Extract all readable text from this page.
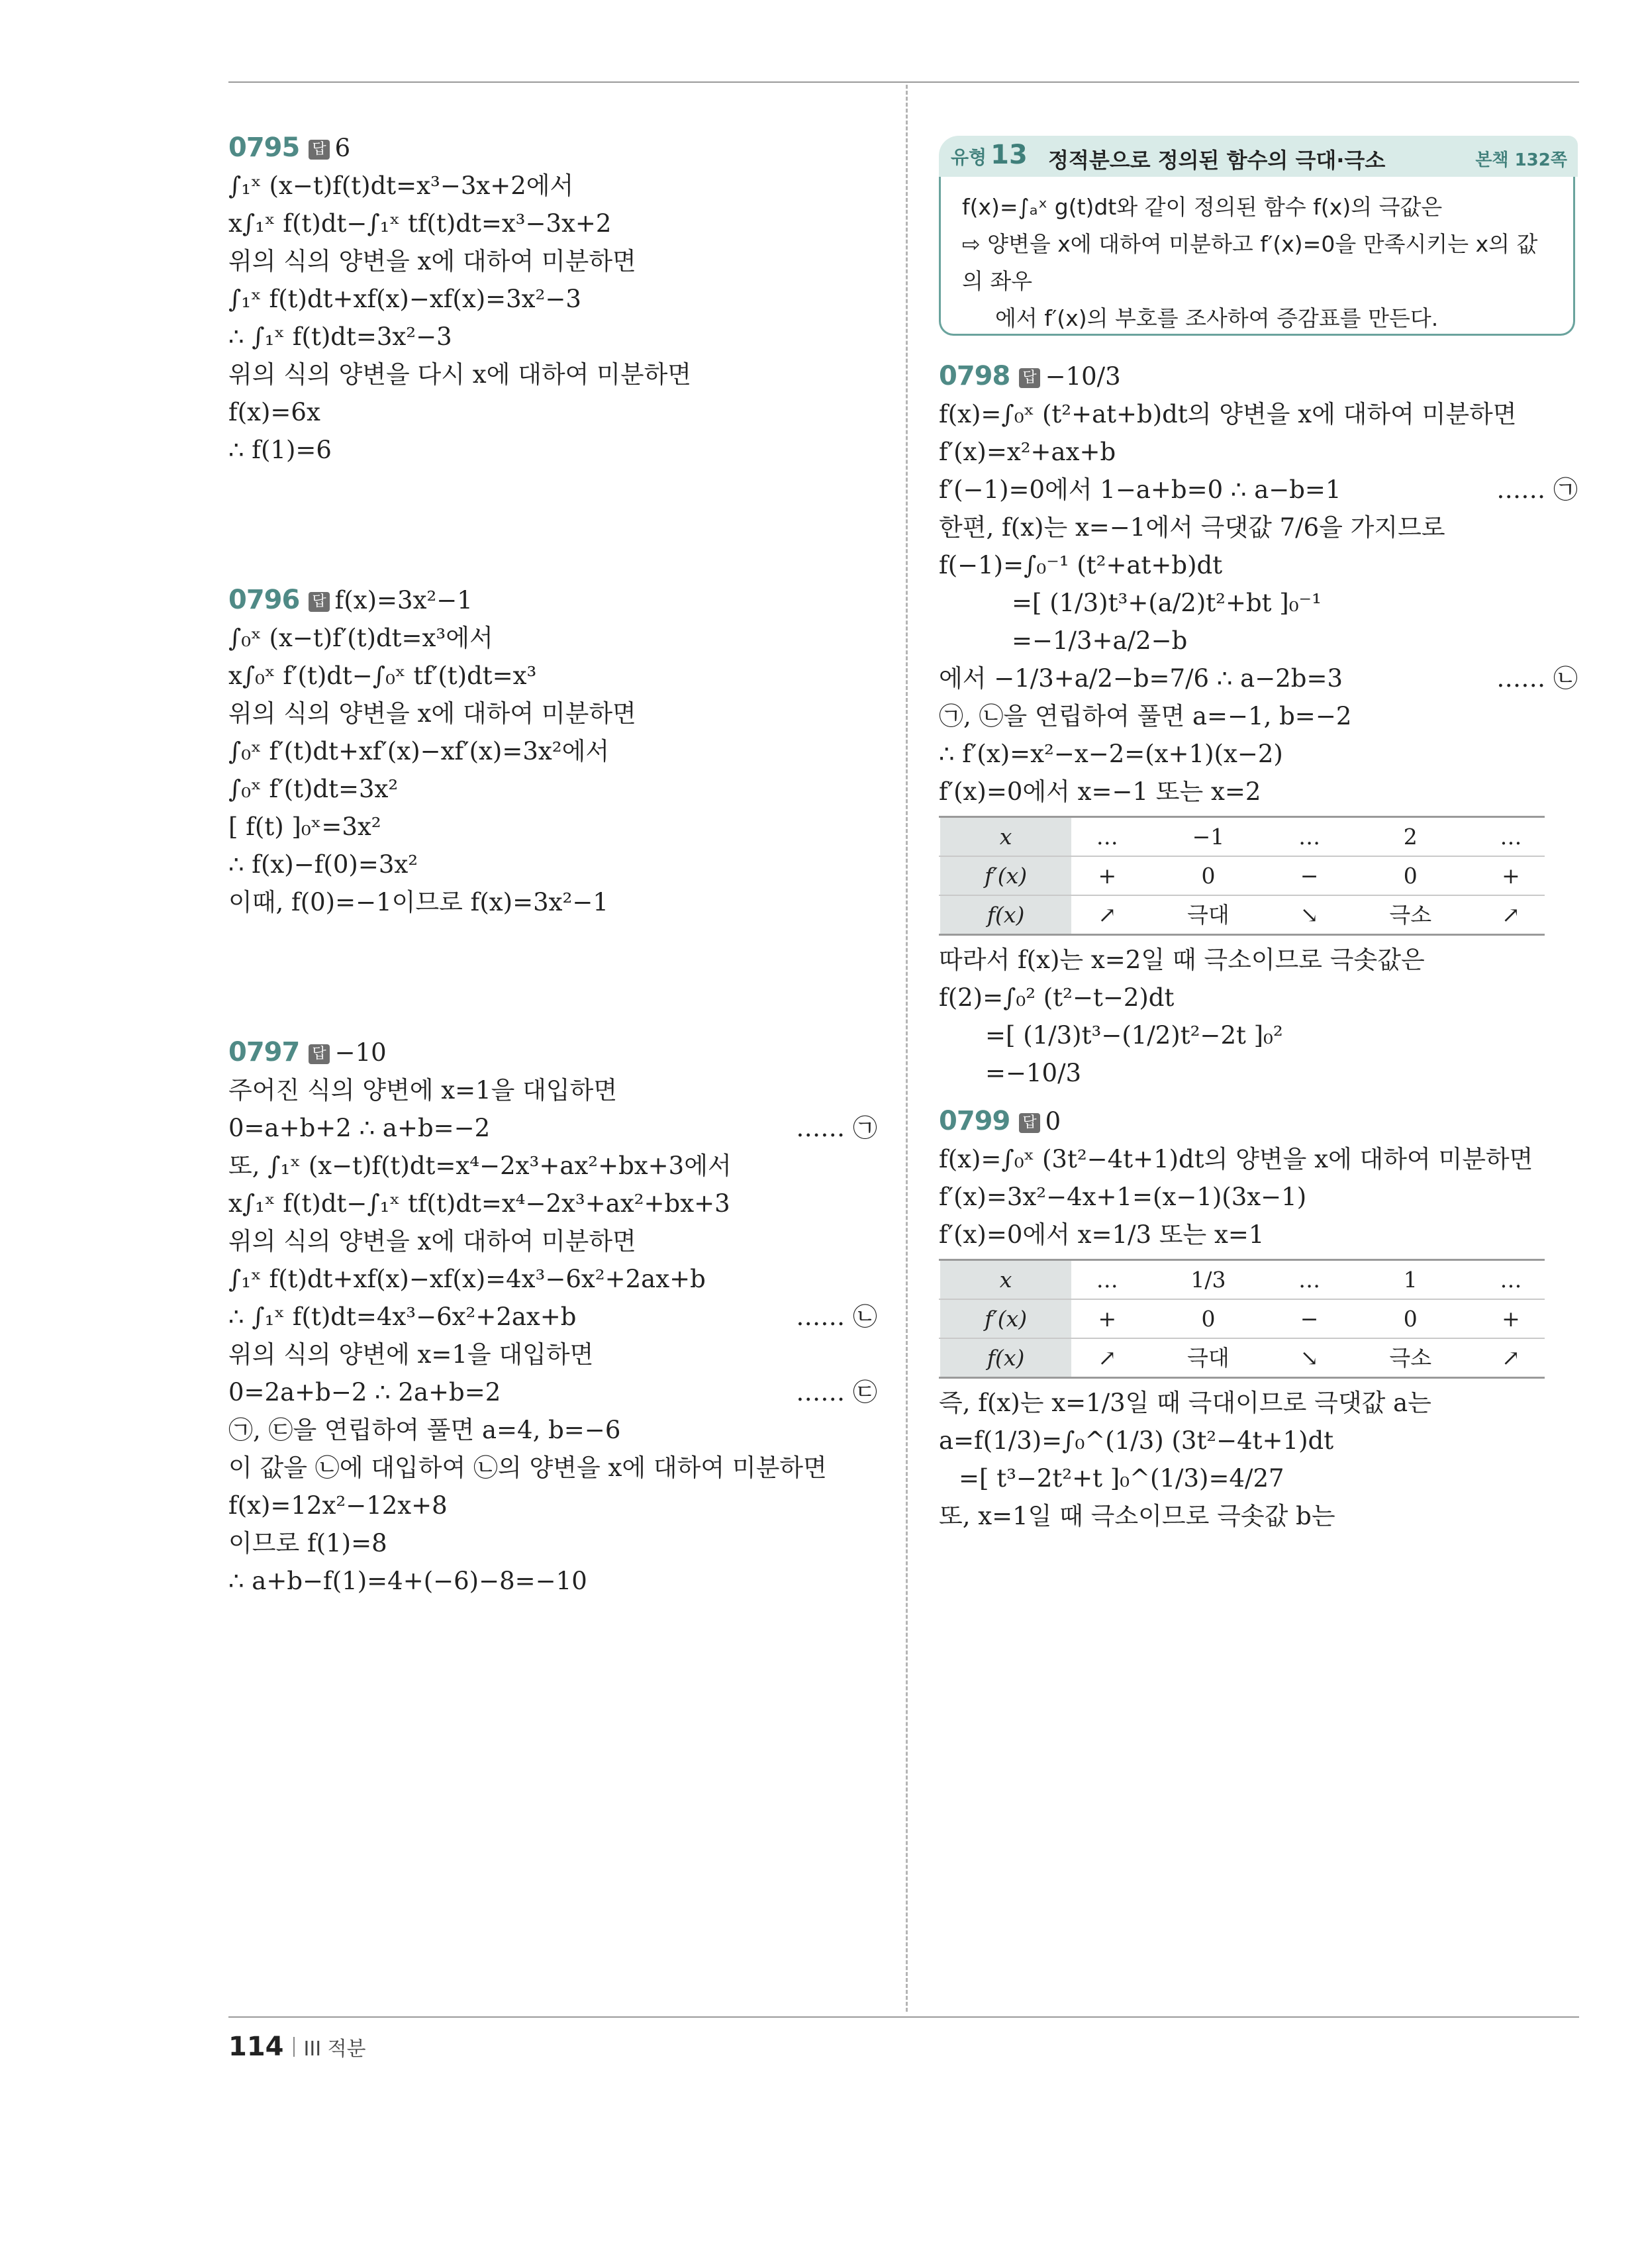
0795 답 6
∫₁ˣ (x−t)f(t)dt=x³−3x+2에서
x∫₁ˣ f(t)dt−∫₁ˣ tf(t)dt=x³−3x+2
위의 식의 양변을 x에 대하여 미분하면
∫₁ˣ f(t)dt+xf(x)−xf(x)=3x²−3
∴ ∫₁ˣ f(t)dt=3x²−3
위의 식의 양변을 다시 x에 대하여 미분하면
f(x)=6x
∴ f(1)=6
0796 답 f(x)=3x²−1
∫₀ˣ (x−t)f′(t)dt=x³에서
x∫₀ˣ f′(t)dt−∫₀ˣ tf′(t)dt=x³
위의 식의 양변을 x에 대하여 미분하면
∫₀ˣ f′(t)dt+xf′(x)−xf′(x)=3x²에서
∫₀ˣ f′(t)dt=3x²
[ f(t) ]₀ˣ=3x²
∴ f(x)−f(0)=3x²
이때, f(0)=−1이므로 f(x)=3x²−1
0797 답 −10
주어진 식의 양변에 x=1을 대입하면
0=a+b+2 ∴ a+b=−2	…… ㉠
또, ∫₁ˣ (x−t)f(t)dt=x⁴−2x³+ax²+bx+3에서
x∫₁ˣ f(t)dt−∫₁ˣ tf(t)dt=x⁴−2x³+ax²+bx+3
위의 식의 양변을 x에 대하여 미분하면
∫₁ˣ f(t)dt+xf(x)−xf(x)=4x³−6x²+2ax+b
∴ ∫₁ˣ f(t)dt=4x³−6x²+2ax+b	…… ㉡
위의 식의 양변에 x=1을 대입하면
0=2a+b−2 ∴ 2a+b=2	…… ㉢
㉠, ㉢을 연립하여 풀면 a=4, b=−6
이 값을 ㉡에 대입하여 ㉡의 양변을 x에 대하여 미분하면
f(x)=12x²−12x+8
이므로 f(1)=8
∴ a+b−f(1)=4+(−6)−8=−10
유형 13 정적분으로 정의된 함수의 극대·극소	본책 132쪽
f(x)=∫ₐˣ g(t)dt와 같이 정의된 함수 f(x)의 극값은
⇨ 양변을 x에 대하여 미분하고 f′(x)=0을 만족시키는 x의 값의 좌우
에서 f′(x)의 부호를 조사하여 증감표를 만든다.
0798 답 −10/3
f(x)=∫₀ˣ (t²+at+b)dt의 양변을 x에 대하여 미분하면
f′(x)=x²+ax+b
f′(−1)=0에서 1−a+b=0 ∴ a−b=1	…… ㉠
한편, f(x)는 x=−1에서 극댓값 7/6을 가지므로
f(−1)=∫₀⁻¹ (t²+at+b)dt
=[ (1/3)t³+(a/2)t²+bt ]₀⁻¹
=−1/3+a/2−b
에서 −1/3+a/2−b=7/6 ∴ a−2b=3	…… ㉡
㉠, ㉡을 연립하여 풀면 a=−1, b=−2
∴ f′(x)=x²−x−2=(x+1)(x−2)
f′(x)=0에서 x=−1 또는 x=2
x	…	−1	…	2	…
f′(x)	+	0	−	0	+
f(x)	↗	극대	↘	극소	↗
따라서 f(x)는 x=2일 때 극소이므로 극솟값은
f(2)=∫₀² (t²−t−2)dt
=[ (1/3)t³−(1/2)t²−2t ]₀²
=−10/3
0799 답 0
f(x)=∫₀ˣ (3t²−4t+1)dt의 양변을 x에 대하여 미분하면
f′(x)=3x²−4x+1=(x−1)(3x−1)
f′(x)=0에서 x=1/3 또는 x=1
x	…	1/3	…	1	…
f′(x)	+	0	−	0	+
f(x)	↗	극대	↘	극소	↗
즉, f(x)는 x=1/3일 때 극대이므로 극댓값 a는
a=f(1/3)=∫₀^(1/3) (3t²−4t+1)dt
=[ t³−2t²+t ]₀^(1/3)=4/27
또, x=1일 때 극소이므로 극솟값 b는
114 III 적분
